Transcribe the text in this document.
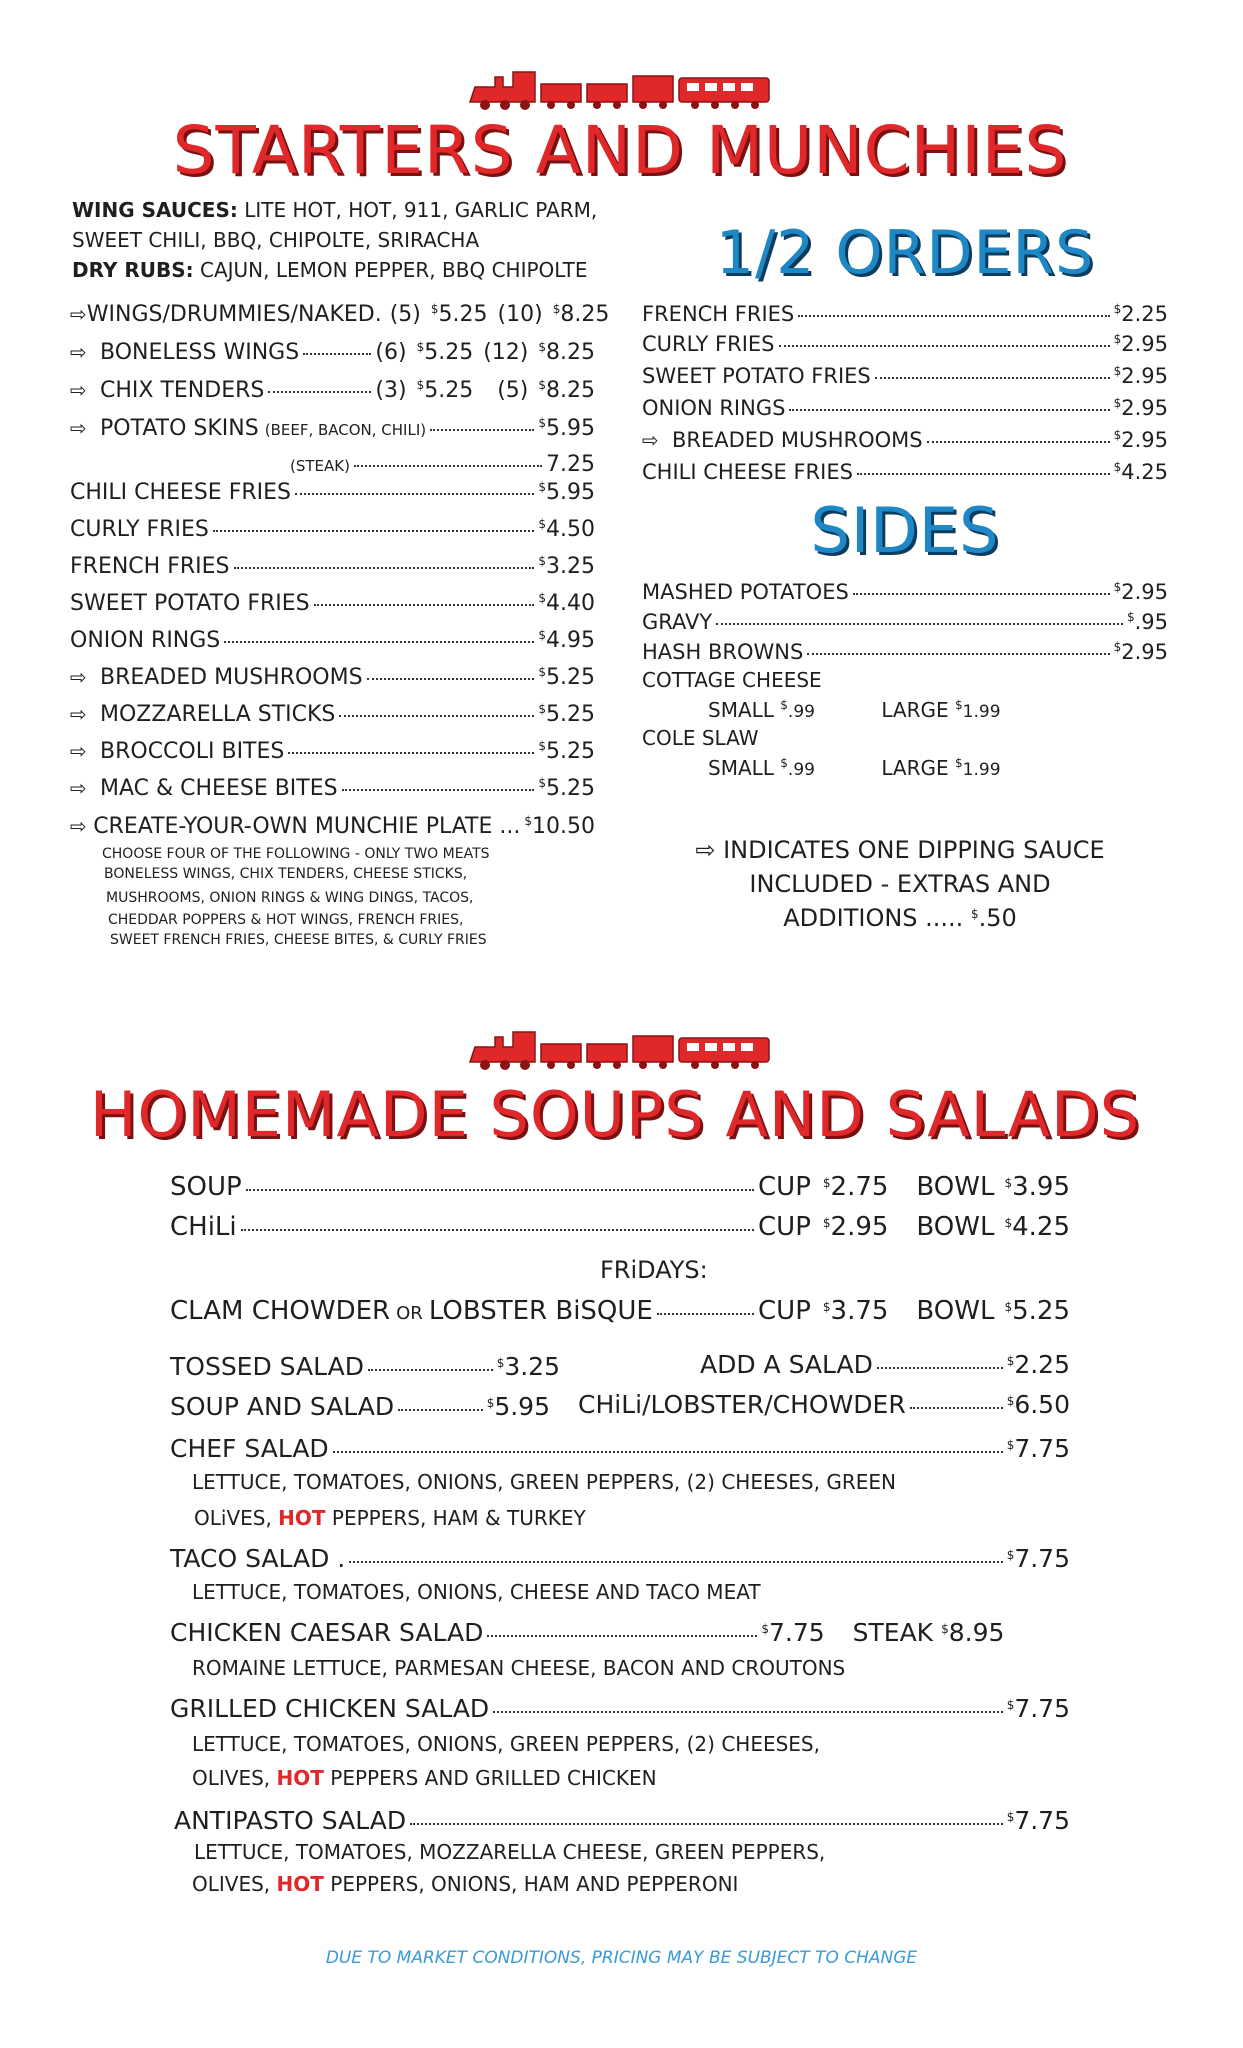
STARTERS AND MUNCHIES
WING SAUCES: LITE HOT, HOT, 911, GARLIC PARM,
SWEET CHILI, BBQ, CHIPOLTE, SRIRACHA
DRY RUBS: CAJUN, LEMON PEPPER, BBQ CHIPOLTE
⇨ WINGS/DRUMMIES/NAKED. (5) $5.25 (10) $8.25
⇨ BONELESS WINGS	(6) $5.25 (12) $8.25
⇨ CHIX TENDERS	(3) $5.25 (5) $8.25
⇨ POTATO SKINS (BEEF, BACON, CHILI)	$5.95
(STEAK)	7.25
CHILI CHEESE FRIES	$5.95
CURLY FRIES	$4.50
FRENCH FRIES	$3.25
SWEET POTATO FRIES	$4.40
ONION RINGS	$4.95
⇨ BREADED MUSHROOMS	$5.25
⇨ MOZZARELLA STICKS	$5.25
⇨ BROCCOLI BITES	$5.25
⇨ MAC & CHEESE BITES	$5.25
⇨ CREATE-YOUR-OWN MUNCHIE PLATE ... $10.50
CHOOSE FOUR OF THE FOLLOWING - ONLY TWO MEATS
BONELESS WINGS, CHIX TENDERS, CHEESE STICKS,
MUSHROOMS, ONION RINGS & WING DINGS, TACOS,
CHEDDAR POPPERS & HOT WINGS, FRENCH FRIES,
SWEET FRENCH FRIES, CHEESE BITES, & CURLY FRIES
1/2 ORDERS
FRENCH FRIES	$2.25
CURLY FRIES	$2.95
SWEET POTATO FRIES	$2.95
ONION RINGS	$2.95
⇨ BREADED MUSHROOMS	$2.95
CHILI CHEESE FRIES	$4.25
SIDES
MASHED POTATOES	$2.95
GRAVY	$.95
HASH BROWNS	$2.95
COTTAGE CHEESE
SMALL $.99	LARGE $1.99
COLE SLAW
SMALL $.99	LARGE $1.99
⇨ INDICATES ONE DIPPING SAUCE
INCLUDED - EXTRAS AND
ADDITIONS ..... $.50
HOMEMADE SOUPS AND SALADS
SOUP	CUP $2.75 BOWL $3.95
CHiLi	CUP $2.95 BOWL $4.25
FRiDAYS:
CLAM CHOWDER OR LOBSTER BiSQUE	CUP $3.75 BOWL $5.25
TOSSED SALAD	$3.25	ADD A SALAD	$2.25
SOUP AND SALAD	$5.95 CHiLi/LOBSTER/CHOWDER	$6.50
CHEF SALAD	$7.75
LETTUCE, TOMATOES, ONIONS, GREEN PEPPERS, (2) CHEESES, GREEN
OLiVES, HOT PEPPERS, HAM & TURKEY
TACO SALAD .	$7.75
LETTUCE, TOMATOES, ONIONS, CHEESE AND TACO MEAT
CHICKEN CAESAR SALAD	$7.75 STEAK $8.95
ROMAINE LETTUCE, PARMESAN CHEESE, BACON AND CROUTONS
GRILLED CHICKEN SALAD	$7.75
LETTUCE, TOMATOES, ONIONS, GREEN PEPPERS, (2) CHEESES,
OLIVES, HOT PEPPERS AND GRILLED CHICKEN
ANTIPASTO SALAD	$7.75
LETTUCE, TOMATOES, MOZZARELLA CHEESE, GREEN PEPPERS,
OLIVES, HOT PEPPERS, ONIONS, HAM AND PEPPERONI
DUE TO MARKET CONDITIONS, PRICING MAY BE SUBJECT TO CHANGE
